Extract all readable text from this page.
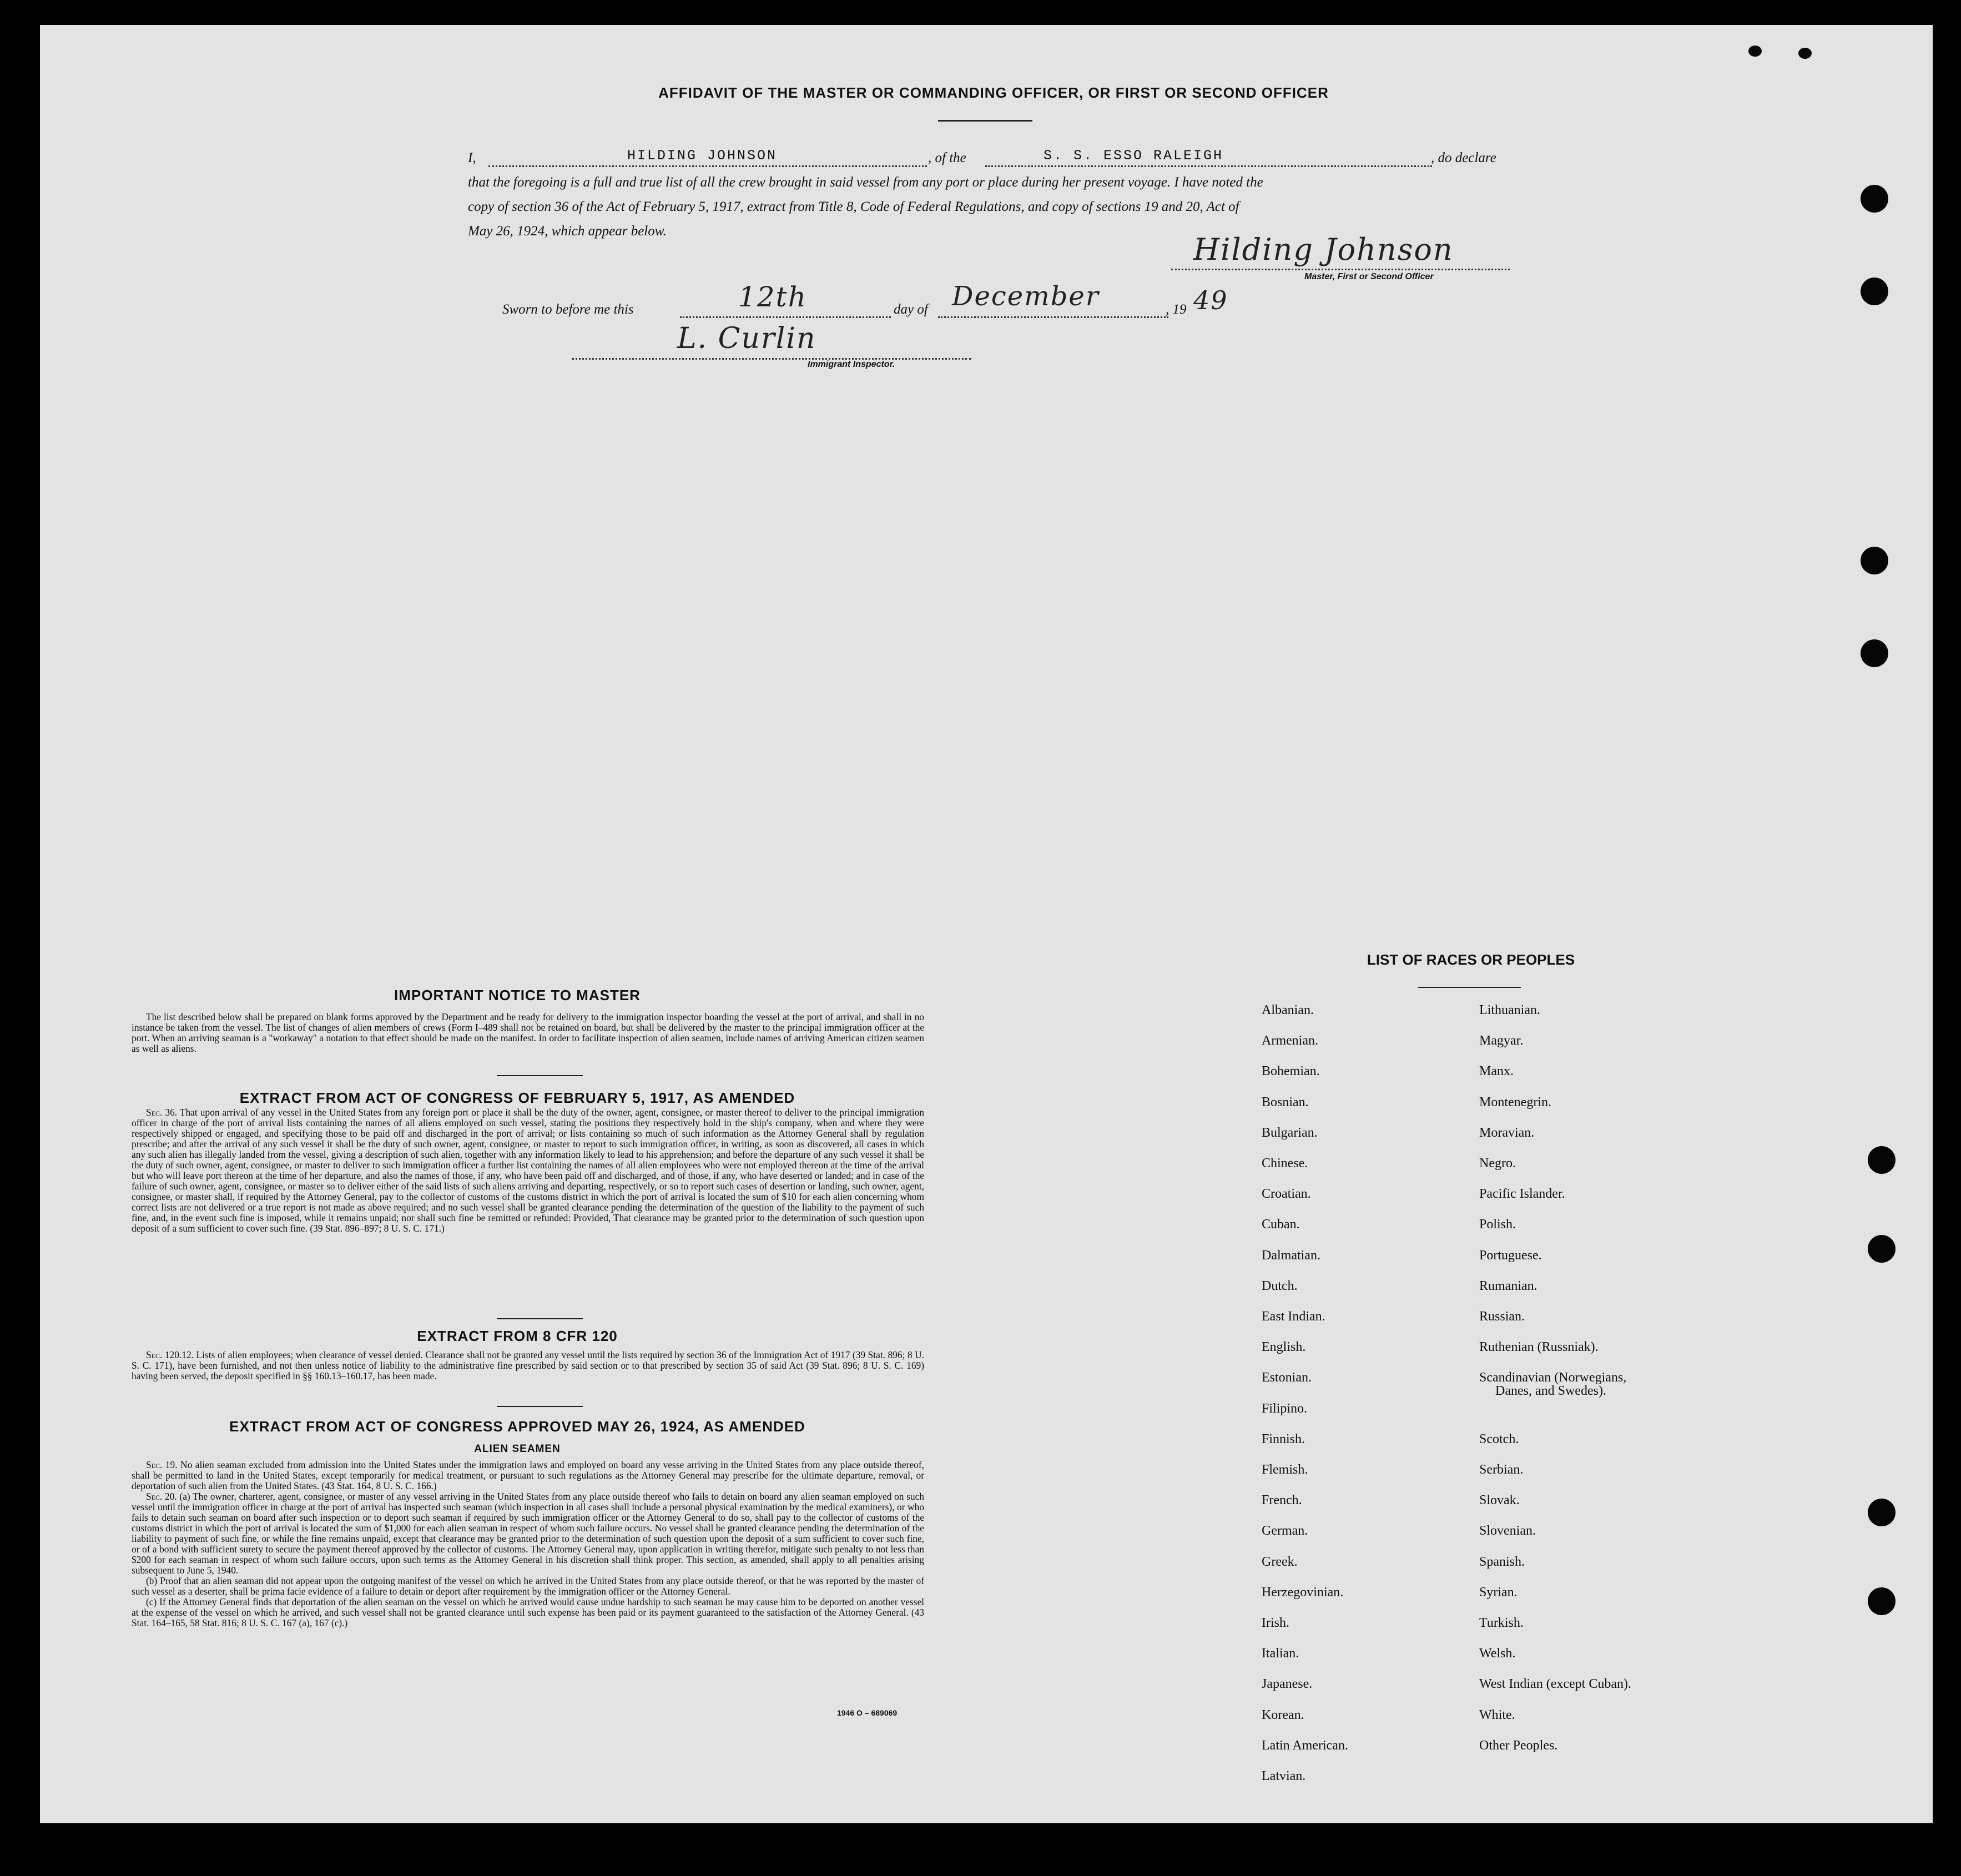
AFFIDAVIT OF THE MASTER OR COMMANDING OFFICER, OR FIRST OR SECOND OFFICER
I,	HILDING JOHNSON	, of the	S. S. ESSO RALEIGH	, do declare
that the foregoing is a full and true list of all the crew brought in said vessel from any port or place during her present voyage. I have noted the
copy of section 36 of the Act of February 5, 1917, extract from Title 8, Code of Federal Regulations, and copy of sections 19 and 20, Act of
May 26, 1924, which appear below.
Hilding Johnson
Master, First or Second Officer
Sworn to before me this	12th	day of December	, 19 49
L. Curlin
Immigrant Inspector.
IMPORTANT NOTICE TO MASTER

The list described below shall be prepared on blank forms approved by the Department and be ready for delivery to the immigration inspector boarding the vessel at the port of arrival, and shall in no instance be taken from the vessel. The list of changes of alien members of crews (Form I–489 shall not be retained on board, but shall be delivered by the master to the principal immigration officer at the port. When an arriving seaman is a "workaway" a notation to that effect should be made on the manifest. In order to facilitate inspection of alien seamen, include names of arriving American citizen seamen as well as aliens.

EXTRACT FROM ACT OF CONGRESS OF FEBRUARY 5, 1917, AS AMENDED

Sec. 36. That upon arrival of any vessel in the United States from any foreign port or place it shall be the duty of the owner, agent, consignee, or master thereof to deliver to the principal immigration officer in charge of the port of arrival lists containing the names of all aliens employed on such vessel, stating the positions they respectively hold in the ship's company, when and where they were respectively shipped or engaged, and specifying those to be paid off and discharged in the port of arrival; or lists containing so much of such information as the Attorney General shall by regulation prescribe; and after the arrival of any such vessel it shall be the duty of such owner, agent, consignee, or master to report to such immigration officer, in writing, as soon as discovered, all cases in which any such alien has illegally landed from the vessel, giving a description of such alien, together with any information likely to lead to his apprehension; and before the departure of any such vessel it shall be the duty of such owner, agent, consignee, or master to deliver to such immigration officer a further list containing the names of all alien employees who were not employed thereon at the time of the arrival but who will leave port thereon at the time of her departure, and also the names of those, if any, who have been paid off and discharged, and of those, if any, who have deserted or landed; and in case of the failure of such owner, agent, consignee, or master so to deliver either of the said lists of such aliens arriving and departing, respectively, or so to report such cases of desertion or landing, such owner, agent, consignee, or master shall, if required by the Attorney General, pay to the collector of customs of the customs district in which the port of arrival is located the sum of $10 for each alien concerning whom correct lists are not delivered or a true report is not made as above required; and no such vessel shall be granted clearance pending the determination of the question of the liability to the payment of such fine, and, in the event such fine is imposed, while it remains unpaid; nor shall such fine be remitted or refunded: Provided, That clearance may be granted prior to the determination of such question upon deposit of a sum sufficient to cover such fine. (39 Stat. 896–897; 8 U. S. C. 171.)

EXTRACT FROM 8 CFR 120

Sec. 120.12. Lists of alien employees; when clearance of vessel denied. Clearance shall not be granted any vessel until the lists required by section 36 of the Immigration Act of 1917 (39 Stat. 896; 8 U. S. C. 171), have been furnished, and not then unless notice of liability to the administrative fine prescribed by said section or to that prescribed by section 35 of said Act (39 Stat. 896; 8 U. S. C. 169) having been served, the deposit specified in §§ 160.13–160.17, has been made.

EXTRACT FROM ACT OF CONGRESS APPROVED MAY 26, 1924, AS AMENDED
ALIEN SEAMEN

Sec. 19. No alien seaman excluded from admission into the United States under the immigration laws and employed on board any vesse arriving in the United States from any place outside thereof, shall be permitted to land in the United States, except temporarily for medical treatment, or pursuant to such regulations as the Attorney General may prescribe for the ultimate departure, removal, or deportation of such alien from the United States. (43 Stat. 164, 8 U. S. C. 166.)

Sec. 20. (a) The owner, charterer, agent, consignee, or master of any vessel arriving in the United States from any place outside thereof who fails to detain on board any alien seaman employed on such vessel until the immigration officer in charge at the port of arrival has inspected such seaman (which inspection in all cases shall include a personal physical examination by the medical examiners), or who fails to detain such seaman on board after such inspection or to deport such seaman if required by such immigration officer or the Attorney General to do so, shall pay to the collector of customs of the customs district in which the port of arrival is located the sum of $1,000 for each alien seaman in respect of whom such failure occurs. No vessel shall be granted clearance pending the determination of the liability to payment of such fine, or while the fine remains unpaid, except that clearance may be granted prior to the determination of such question upon the deposit of a sum sufficient to cover such fine, or of a bond with sufficient surety to secure the payment thereof approved by the collector of customs. The Attorney General may, upon application in writing therefor, mitigate such penalty to not less than $200 for each seaman in respect of whom such failure occurs, upon such terms as the Attorney General in his discretion shall think proper. This section, as amended, shall apply to all penalties arising subsequent to June 5, 1940.

(b) Proof that an alien seaman did not appear upon the outgoing manifest of the vessel on which he arrived in the United States from any place outside thereof, or that he was reported by the master of such vessel as a deserter, shall be prima facie evidence of a failure to detain or deport after requirement by the immigration officer or the Attorney General.

(c) If the Attorney General finds that deportation of the alien seaman on the vessel on which he arrived would cause undue hardship to such seaman he may cause him to be deported on another vessel at the expense of the vessel on which he arrived, and such vessel shall not be granted clearance until such expense has been paid or its payment guaranteed to the satisfaction of the Attorney General. (43 Stat. 164–165, 58 Stat. 816; 8 U. S. C. 167 (a), 167 (c).)

1946 O – 689069
LIST OF RACES OR PEOPLES
Albanian.
Armenian.
Bohemian.
Bosnian.
Bulgarian.
Chinese.
Croatian.
Cuban.
Dalmatian.
Dutch.
East Indian.
English.
Estonian.
Filipino.
Finnish.
Flemish.
French.
German.
Greek.
Herzegovinian.
Irish.
Italian.
Japanese.
Korean.
Latin American.
Latvian.
Lithuanian.
Magyar.
Manx.
Montenegrin.
Moravian.
Negro.
Pacific Islander.
Polish.
Portuguese.
Rumanian.
Russian.
Ruthenian (Russniak).
Scandinavian (Norwegians,
Danes, and Swedes).
Scotch.
Serbian.
Slovak.
Slovenian.
Spanish.
Syrian.
Turkish.
Welsh.
West Indian (except Cuban).
White.
Other Peoples.
